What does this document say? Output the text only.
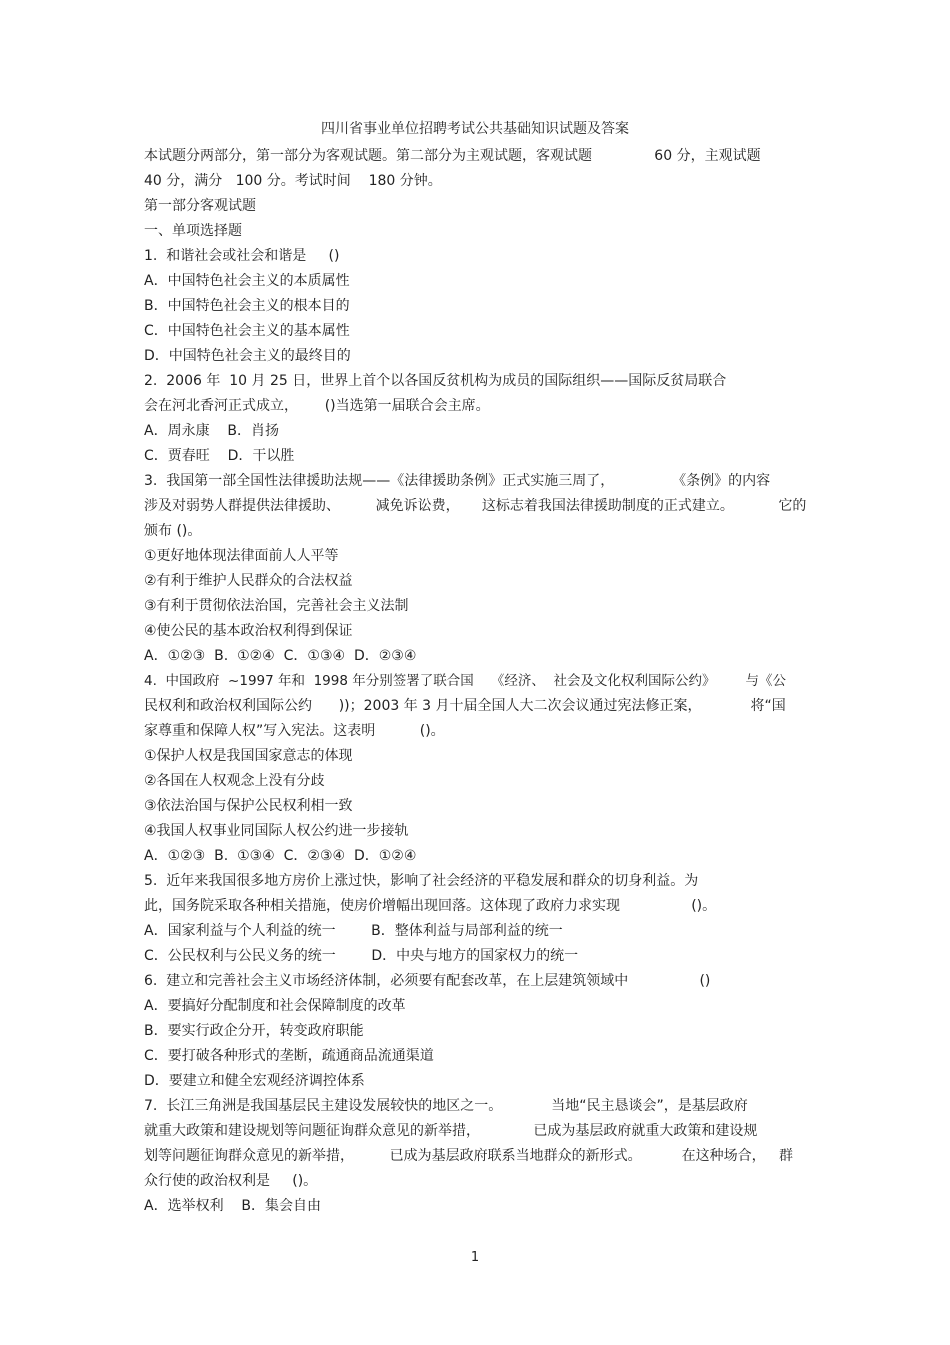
四川省事业单位招聘考试公共基础知识试题及答案
本试题分两部分，第一部分为客观试题。第二部分为主观试题，客观试题              60 分，主观试题
40 分，满分   100 分。考试时间    180 分钟。
第一部分客观试题
一、单项选择题
1.  和谐社会或社会和谐是     ()
A．中国特色社会主义的本质属性
B．中国特色社会主义的根本目的
C．中国特色社会主义的基本属性
D．中国特色社会主义的最终目的
2.  2006 年  10 月 25 日，世界上首个以各国反贫机构为成员的国际组织——国际反贫局联合
会在河北香河正式成立，      ()当选第一届联合会主席。
A．周永康    B．肖扬
C．贾春旺    D．干以胜
3.  我国第一部全国性法律援助法规——《法律援助条例》正式实施三周了，             《条例》的内容
涉及对弱势人群提供法律援助、        减免诉讼费，     这标志着我国法律援助制度的正式建立。          它的
颁布 ()。
①更好地体现法律面前人人平等
②有利于维护人民群众的合法权益
③有利于贯彻依法治国，完善社会主义法制
④使公民的基本政治权利得到保证
A．①②③  B.  ①②④  C．①③④  D．②③④
4.  中国政府  ~1997 年和  1998 年分别签署了联合国    《经济、  社会及文化权利国际公约》       与《公
民权利和政治权利国际公约      ))；2003 年 3 月十届全国人大二次会议通过宪法修正案，           将“国
家尊重和保障人权”写入宪法。这表明          ()。
①保护人权是我国国家意志的体现
②各国在人权观念上没有分歧
③依法治国与保护公民权利相一致
④我国人权事业同国际人权公约进一步接轨
A．①②③  B.  ①③④  C．②③④  D．①②④
5.  近年来我国很多地方房价上涨过快，影响了社会经济的平稳发展和群众的切身利益。为
此，国务院采取各种相关措施，使房价增幅出现回落。这体现了政府力求实现                ()。
A．国家利益与个人利益的统一        B．整体利益与局部利益的统一
C．公民权利与公民义务的统一        D．中央与地方的国家权力的统一
6.  建立和完善社会主义市场经济体制，必须要有配套改革，在上层建筑领域中                ()
A．要搞好分配制度和社会保障制度的改革
B．要实行政企分开，转变政府职能
C．要打破各种形式的垄断，疏通商品流通渠道
D．要建立和健全宏观经济调控体系
7.  长江三角洲是我国基层民主建设发展较快的地区之一。           当地“民主恳谈会”，是基层政府
就重大政策和建设规划等问题征询群众意见的新举措，            已成为基层政府就重大政策和建设规
划等问题征询群众意见的新举措，        已成为基层政府联系当地群众的新形式。         在这种场合，   群
众行使的政治权利是     ()。
A．选举权利    B．集会自由
1
